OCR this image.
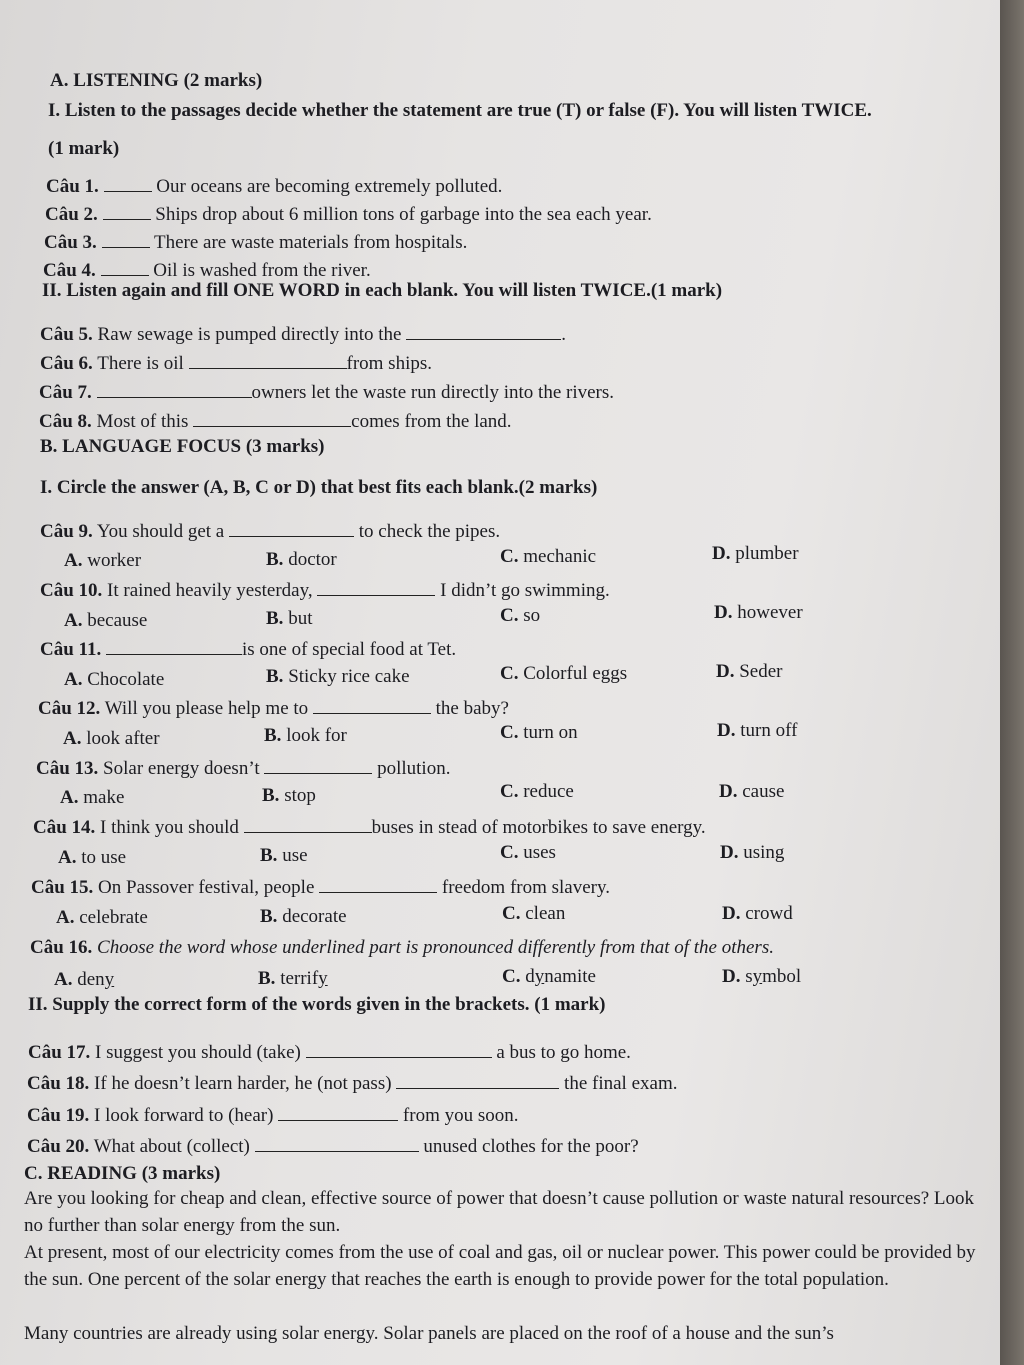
A. LISTENING (2 marks)
I. Listen to the passages decide whether the statement are true (T) or false (F). You will listen TWICE.
(1 mark)
Câu 1.	Our oceans are becoming extremely polluted.
Câu 2.	Ships drop about 6 million tons of garbage into the sea each year.
Câu 3.	There are waste materials from hospitals.
Câu 4.	Oil is washed from the river.
II. Listen again and fill ONE WORD in each blank. You will listen TWICE.(1 mark)
Câu 5. Raw sewage is pumped directly into the	.
Câu 6. There is oil	from ships.
Câu 7.	owners let the waste run directly into the rivers.
Câu 8. Most of this	comes from the land.
B. LANGUAGE FOCUS (3 marks)
I. Circle the answer (A, B, C or D) that best fits each blank.(2 marks)
Câu 9. You should get a	to check the pipes.
A. worker	B. doctor	C. mechanic	D. plumber
Câu 10. It rained heavily yesterday,	I didn’t go swimming.
A. because	B. but	C. so	D. however
Câu 11.	is one of special food at Tet.
A. Chocolate	B. Sticky rice cake	C. Colorful eggs	D. Seder
Câu 12. Will you please help me to	the baby?
A. look after	B. look for	C. turn on	D. turn off
Câu 13. Solar energy doesn’t	pollution.
A. make	B. stop	C. reduce	D. cause
Câu 14. I think you should	buses in stead of motorbikes to save energy.
A. to use	B. use	C. uses	D. using
Câu 15. On Passover festival, people	freedom from slavery.
A. celebrate	B. decorate	C. clean	D. crowd
Câu 16. Choose the word whose underlined part is pronounced differently from that of the others.
A. deny	B. terrify	C. dynamite	D. symbol
II. Supply the correct form of the words given in the brackets. (1 mark)
Câu 17. I suggest you should (take)	a bus to go home.
Câu 18. If he doesn’t learn harder, he (not pass)	the final exam.
Câu 19. I look forward to (hear)	from you soon.
Câu 20. What about (collect)	unused clothes for the poor?
C. READING (3 marks)
Are you looking for cheap and clean, effective source of power that doesn’t cause pollution or waste natural resources? Look no further than solar energy from the sun.
At present, most of our electricity comes from the use of coal and gas, oil or nuclear power. This power could be provided by the sun. One percent of the solar energy that reaches the earth is enough to provide power for the total population.
Many countries are already using solar energy. Solar panels are placed on the roof of a house and the sun’s
